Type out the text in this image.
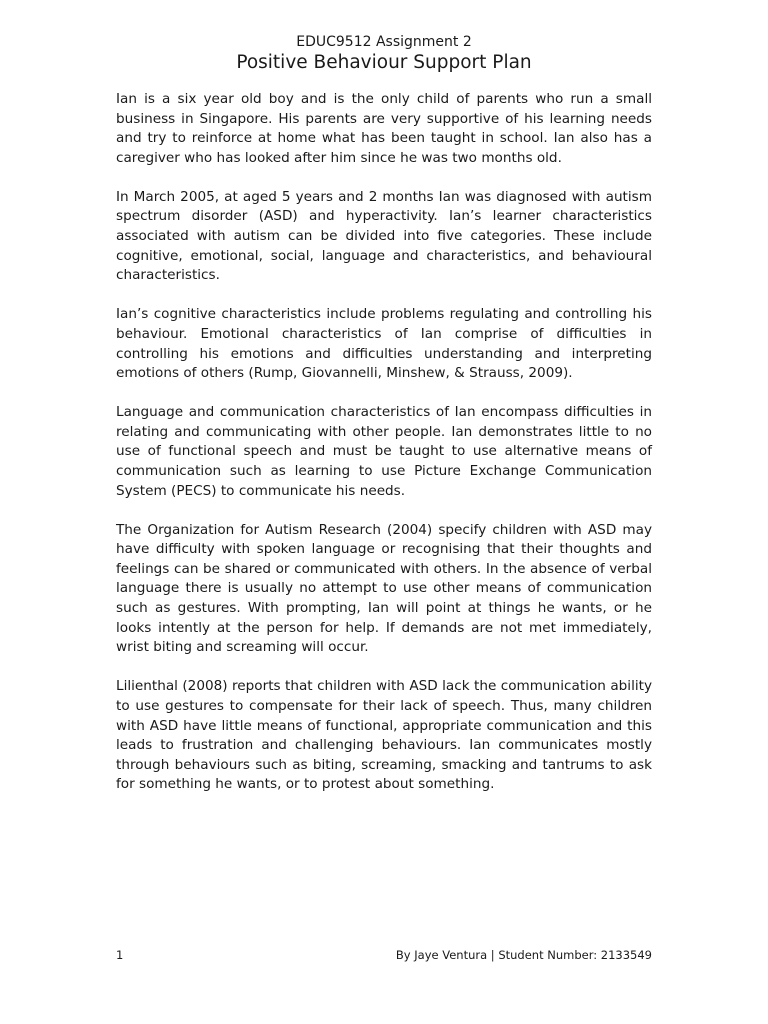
EDUC9512 Assignment 2
Positive Behaviour Support Plan

Ian is a six year old boy and is the only child of parents who run a small business in Singapore. His parents are very supportive of his learning needs and try to reinforce at home what has been taught in school. Ian also has a caregiver who has looked after him since he was two months old.

In March 2005, at aged 5 years and 2 months Ian was diagnosed with autism spectrum disorder (ASD) and hyperactivity. Ian’s learner characteristics associated with autism can be divided into five categories. These include cognitive, emotional, social, language and characteristics, and behavioural characteristics.

Ian’s cognitive characteristics include problems regulating and controlling his behaviour. Emotional characteristics of Ian comprise of difficulties in controlling his emotions and difficulties understanding and interpreting emotions of others (Rump, Giovannelli, Minshew, & Strauss, 2009).

Language and communication characteristics of Ian encompass difficulties in relating and communicating with other people. Ian demonstrates little to no use of functional speech and must be taught to use alternative means of communication such as learning to use Picture Exchange Communication System (PECS) to communicate his needs.

The Organization for Autism Research (2004) specify children with ASD may have difficulty with spoken language or recognising that their thoughts and feelings can be shared or communicated with others. In the absence of verbal language there is usually no attempt to use other means of communication such as gestures. With prompting, Ian will point at things he wants, or he looks intently at the person for help. If demands are not met immediately, wrist biting and screaming will occur.

Lilienthal (2008) reports that children with ASD lack the communication ability to use gestures to compensate for their lack of speech. Thus, many children with ASD have little means of functional, appropriate communication and this leads to frustration and challenging behaviours. Ian communicates mostly through behaviours such as biting, screaming, smacking and tantrums to ask for something he wants, or to protest about something.

1	By Jaye Ventura | Student Number: 2133549
